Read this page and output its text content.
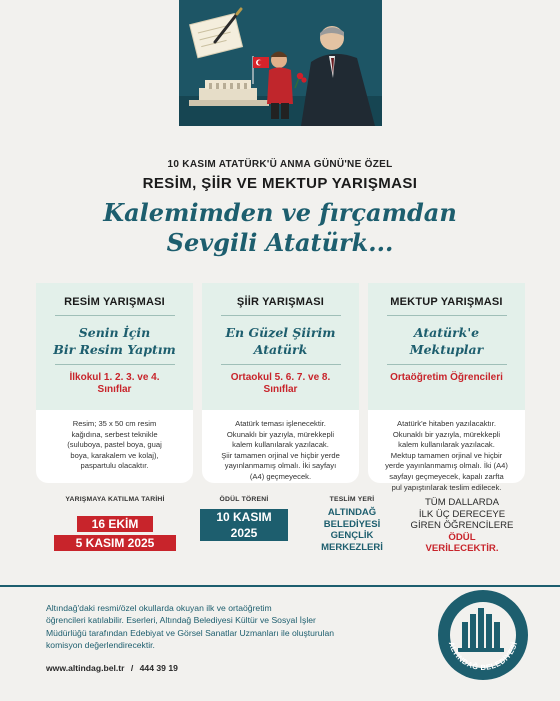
10 KASIM ATATÜRK'Ü ANMA GÜNÜ'NE ÖZEL
RESİM, ŞİİR VE MEKTUP YARIŞMASI
Kalemimden ve fırçamdan
Sevgili Atatürk...
RESİM YARIŞMASI
Senin İçin
Bir Resim Yaptım
İlkokul 1. 2. 3. ve 4.
Sınıflar
Resim; 35 x 50 cm resim
kağıdına, serbest teknikle
(suluboya, pastel boya, guaj
boya, karakalem ve kolaj),
paspartulu olacaktır.
ŞİİR YARIŞMASI
En Güzel Şiirim
Atatürk
Ortaokul 5. 6. 7. ve 8.
Sınıflar
Atatürk teması işlenecektir.
Okunaklı bir yazıyla, mürekkepli
kalem kullanılarak yazılacak.
Şiir tamamen orjinal ve hiçbir yerde
yayınlanmamış olmalı. İki sayfayı
(A4) geçmeyecek.
MEKTUP YARIŞMASI
Atatürk'e
Mektuplar
Ortaöğretim Öğrencileri
Atatürk'e hitaben yazılacaktır.
Okunaklı bir yazıyla, mürekkepli
kalem kullanılarak yazılacak.
Mektup tamamen orjinal ve hiçbir
yerde yayınlanmamış olmalı. İki (A4)
sayfayı geçmeyecek, kapalı zarfta
pul yapıştırılarak teslim edilecek.
YARIŞMAYA KATILMA TARİHİ
16 EKİM
5 KASIM 2025
ÖDÜL TÖRENİ
10 KASIM
2025
TESLİM YERİ
ALTINDAĞ
BELEDİYESİ
GENÇLİK
MERKEZLERİ
TÜM DALLARDA
İLK ÜÇ DERECEYE
GİREN ÖĞRENCİLERE
ÖDÜL
VERİLECEKTİR.
Altındağ'daki resmi/özel okullarda okuyan ilk ve ortaöğretim
öğrencileri katılabilir. Eserleri, Altındağ Belediyesi Kültür ve Sosyal İşler
Müdürlüğü tarafından Edebiyat ve Görsel Sanatlar Uzmanları ile oluşturulan
komisyon değerlendirecektir.
www.altindag.bel.tr / 444 39 19
ALTINDAĞ BELEDİYESİ
